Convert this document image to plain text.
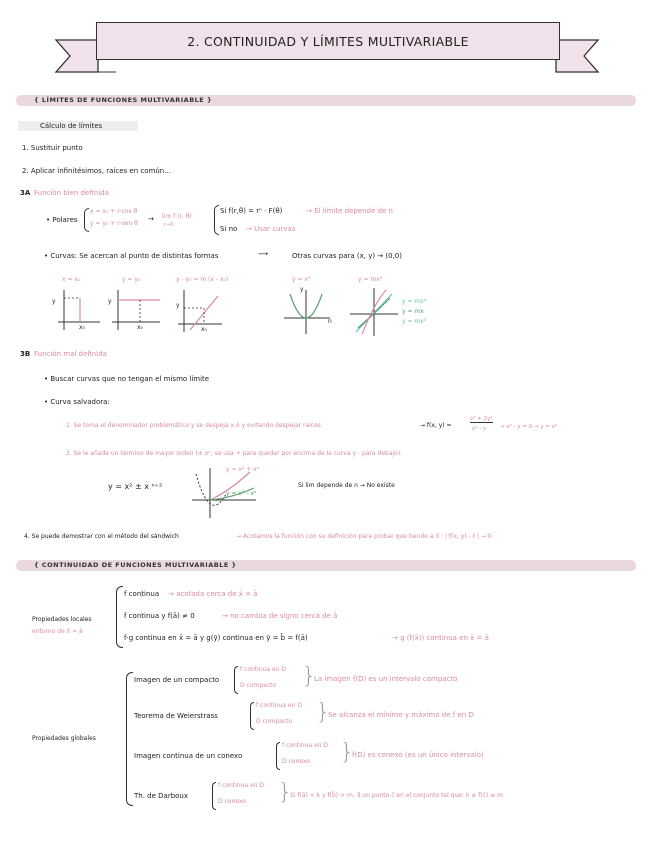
2. CONTINUIDAD Y LÍMITES MULTIVARIABLE
{ LÍMITES DE FUNCIONES MULTIVARIABLE }
Cálculo de límites
1. Sustituir punto
2. Aplicar infinitésimos, raíces en común...
3A Función bien definida
• Polares
x = x₀ + r·cos θ
y = y₀ + r·sen θ
→ lim f (r, θ)
r→0
Si f(r,θ) = rⁿ · F(θ)	→ El límite depende de n
Si no → Usar curvas
• Curvas: Se acercan al punto de distintas formas	⟶	Otras curvas para (x, y) → (0,0)
x = x₀	y = y₀	y - y₀ = m (x - x₀)	y = x²	y = mx²
x₀	x₀	x₀
y	y
y
y
n
y = mx⁴
y = mx
y = mx³
3B Función mal definida
• Buscar curvas que no tengan el mismo límite
• Curva salvadora:
1. Se toma el denominador problemático y se despeja x ó y evitando despejar raíces	→ f(x, y) =
x⁴ + 2y²
x² - y	→ x² - y = 0 → y = x²
2. Se le añade un término de mayor orden (± xⁿ, se usa + para quedar por encima de la curva y - para debajo).
y = x² ± x ⁿ⁺²
y = x² + xⁿ
y = x² - xⁿ
Si lim depende de n → No existe
4. Se puede demostrar con el método del sándwich	→ Acotamos la función con su definición para probar que tiende a 0 : | f(x, y) - ℓ | → 0
{ CONTINUIDAD DE FUNCIONES MULTIVARIABLE }
Propiedades locales
entorno de x̄ = ā
f continua → acotada cerca de x̄ = ā
f continua y f(ā) ≠ 0	→ no cambia de signo cerca de ā
f·g continua en x̄ = ā y g(ȳ) continua en ȳ = b̄ = f(ā)	→ g (f(x̄)) continua en x̄ = ā
Propiedades globales
Imagen de un compacto
f continua en D
D compacto }
La imagen f(D) es un intervalo compacto
Teorema de Weierstrass
f continua en D
D compacto }
Se alcanza el mínimo y máximo de f en D
Imagen continua de un conexo
f continua en D
D conexo }
f(D) es conexo (es un único intervalo)
Th. de Darboux
f continua en D
D conexo }
Si f(ā) < k y f(b̄) > m, ∃ un punto c̄ en el conjunto tal que: k ≤ f(c̄) ≤ m
